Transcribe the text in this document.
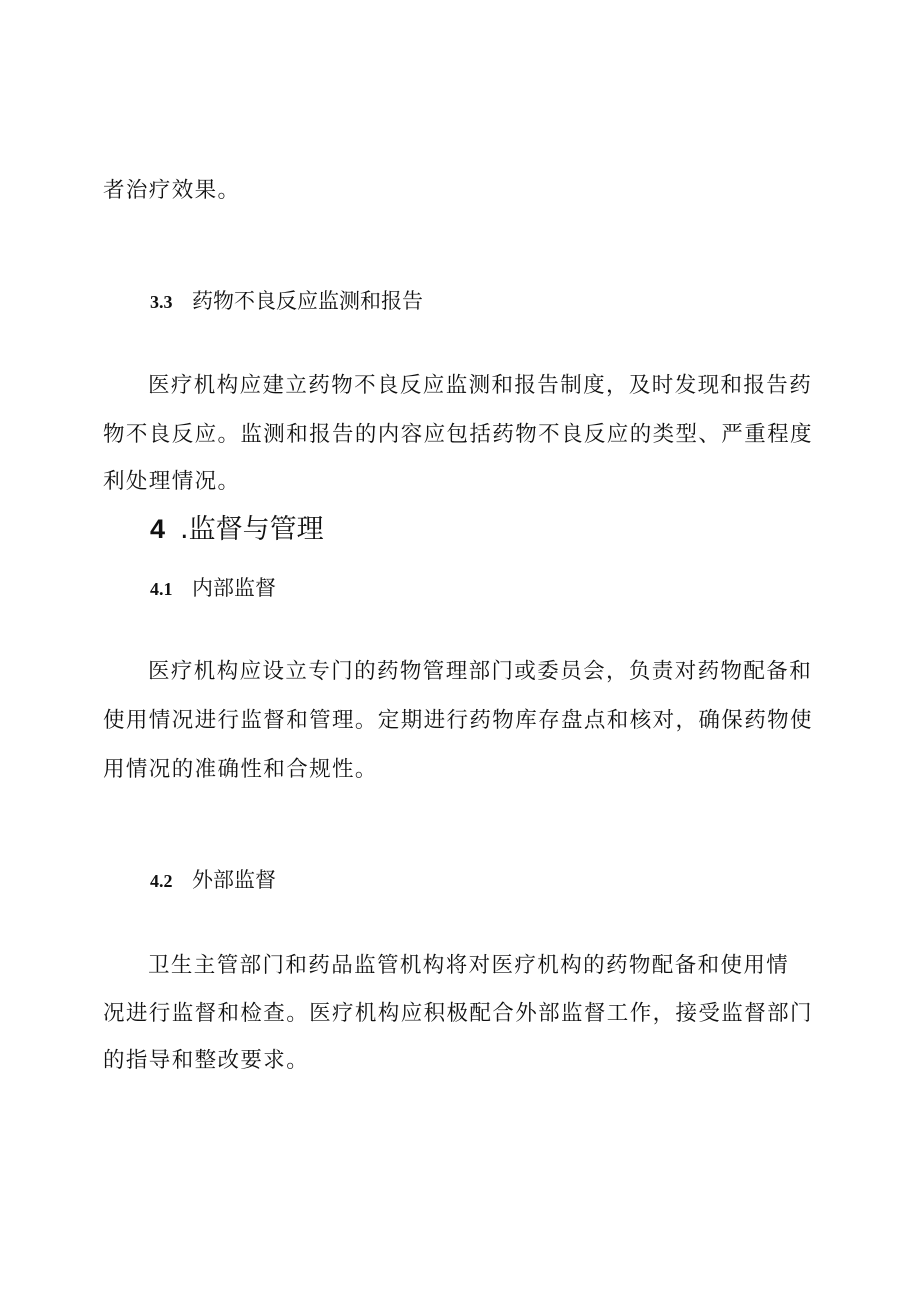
者治疗效果。
3.3 药物不良反应监测和报告
医疗机构应建立药物不良反应监测和报告制度，及时发现和报告药
物不良反应。监测和报告的内容应包括药物不良反应的类型、严重程度
利处理情况。
4 .监督与管理
4.1 内部监督
医疗机构应设立专门的药物管理部门或委员会，负责对药物配备和
使用情况进行监督和管理。定期进行药物库存盘点和核对，确保药物使
用情况的准确性和合规性。
4.2 外部监督
卫生主管部门和药品监管机构将对医疗机构的药物配备和使用情
况进行监督和检查。医疗机构应积极配合外部监督工作，接受监督部门
的指导和整改要求。
